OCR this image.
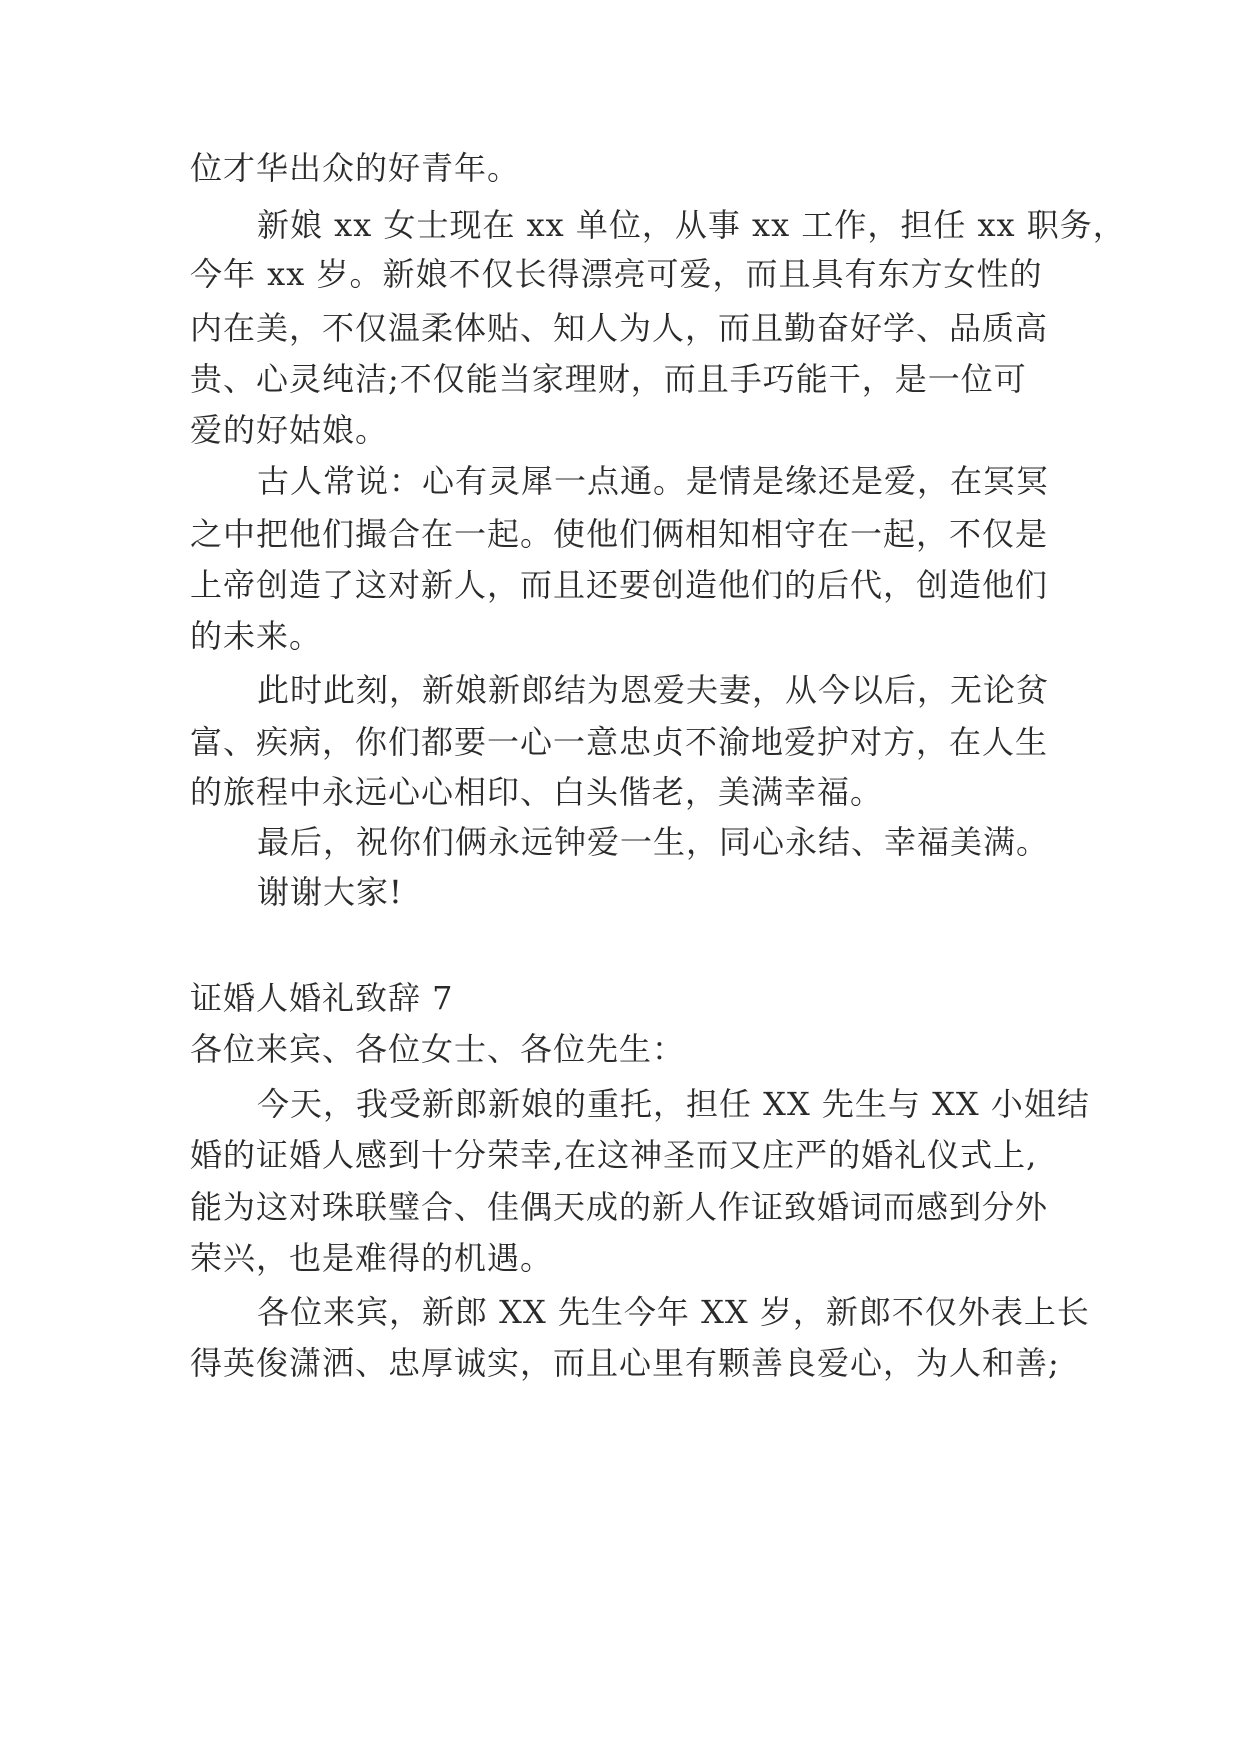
位才华出众的好青年。
新娘 xx 女士现在 xx 单位，从事 xx 工作，担任 xx 职务，
今年 xx 岁。新娘不仅长得漂亮可爱，而且具有东方女性的
内在美，不仅温柔体贴、知人为人，而且勤奋好学、品质高
贵、心灵纯洁;不仅能当家理财，而且手巧能干，是一位可
爱的好姑娘。
古人常说：心有灵犀一点通。是情是缘还是爱，在冥冥
之中把他们撮合在一起。使他们俩相知相守在一起，不仅是
上帝创造了这对新人，而且还要创造他们的后代，创造他们
的未来。
此时此刻，新娘新郎结为恩爱夫妻，从今以后，无论贫
富、疾病，你们都要一心一意忠贞不渝地爱护对方，在人生
的旅程中永远心心相印、白头偕老，美满幸福。
最后，祝你们俩永远钟爱一生，同心永结、幸福美满。
谢谢大家!
证婚人婚礼致辞 7
各位来宾、各位女士、各位先生：
今天，我受新郎新娘的重托，担任 XX 先生与 XX 小姐结
婚的证婚人感到十分荣幸,在这神圣而又庄严的婚礼仪式上,
能为这对珠联璧合、佳偶天成的新人作证致婚词而感到分外
荣兴，也是难得的机遇。
各位来宾，新郎 XX 先生今年 XX 岁，新郎不仅外表上长
得英俊潇洒、忠厚诚实，而且心里有颗善良爱心，为人和善;
